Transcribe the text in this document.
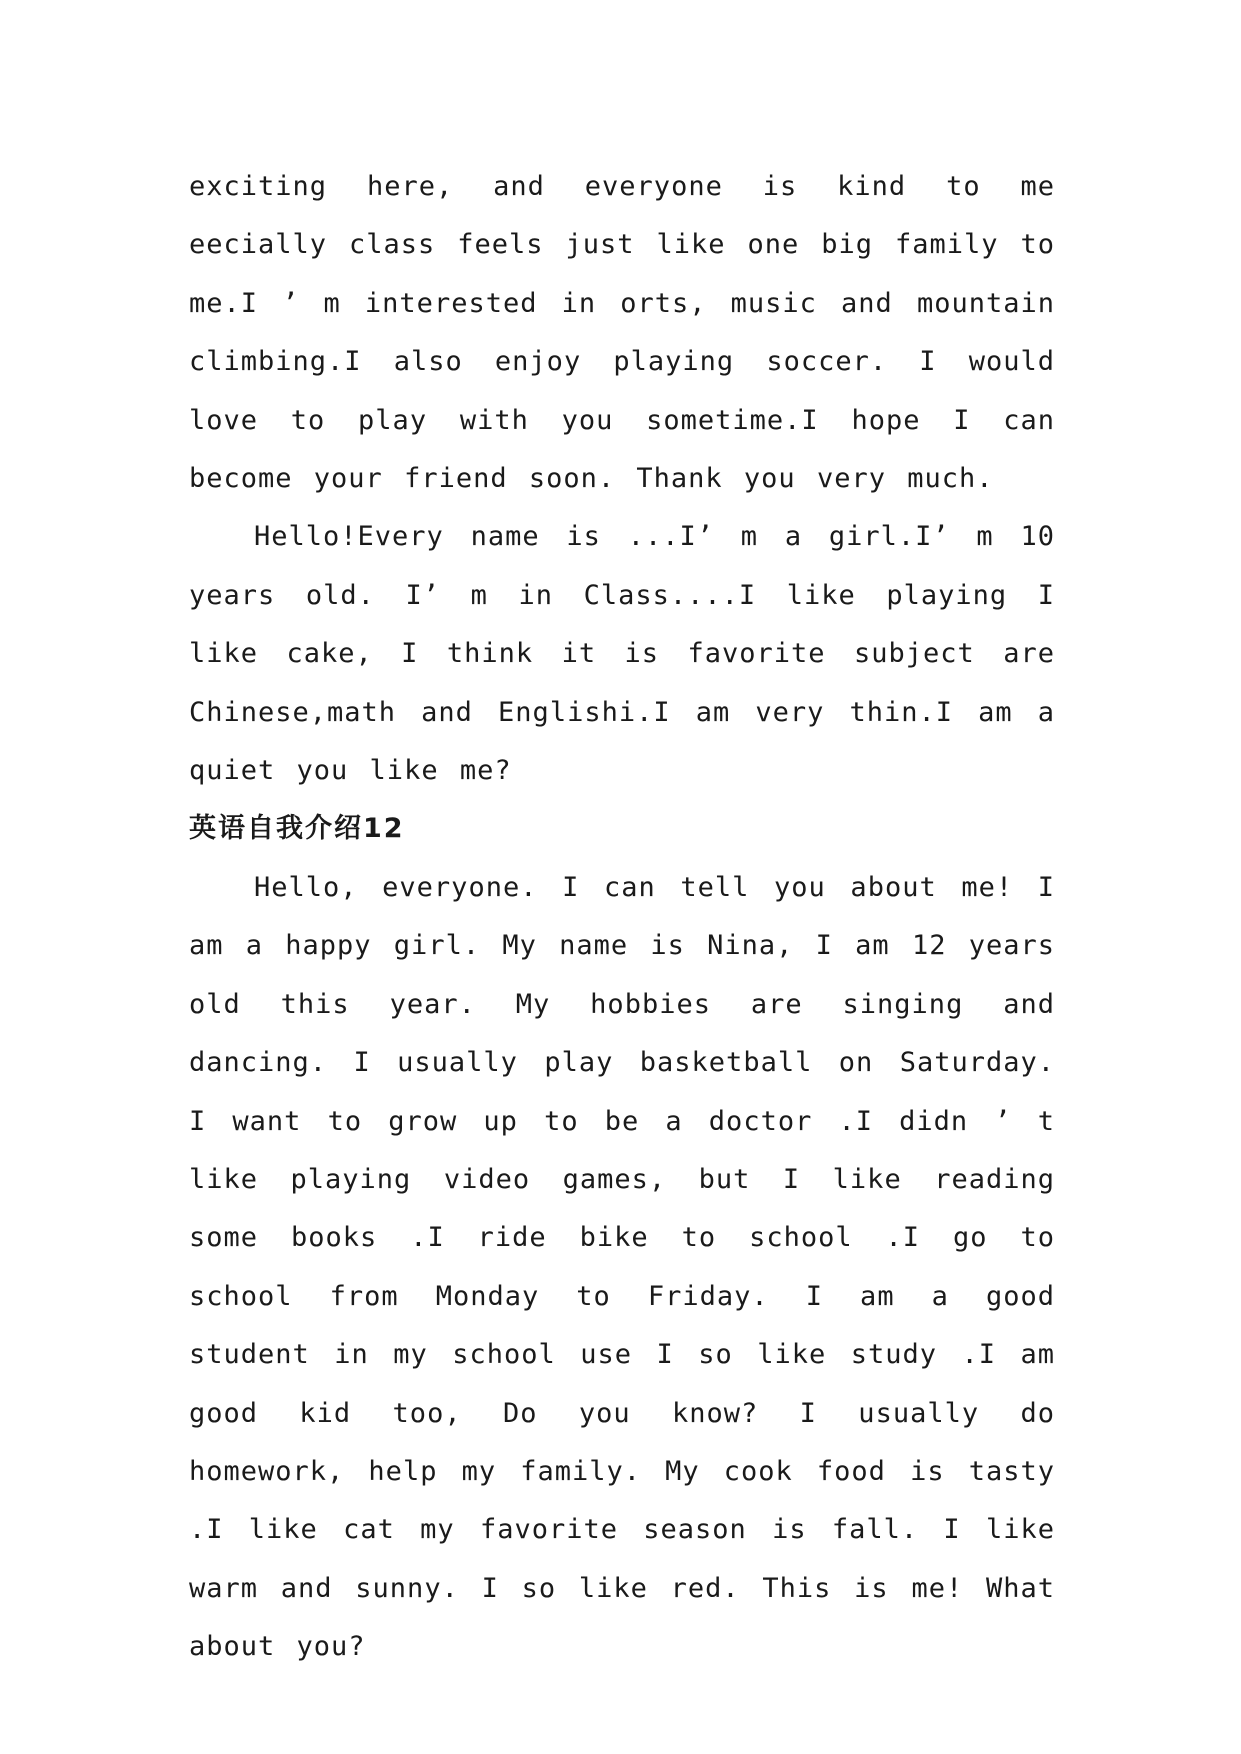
exciting here, and everyone is kind to me eecially class feels just like one big family to me.I ’ m interested in orts, music and mountain climbing.I also enjoy playing soccer. I would love to play with you sometime.I hope I can become your friend soon. Thank you very much.

Hello!Every name is ...I’ m a girl.I’ m 10 years old. I’ m in Class....I like playing I like cake, I think it is favorite subject are Chinese,math and Englishi.I am very thin.I am a quiet you like me?

英语自我介绍12

Hello, everyone. I can tell you about me! I am a happy girl. My name is Nina, I am 12 years old this year. My hobbies are singing and dancing. I usually play basketball on Saturday. I want to grow up to be a doctor .I didn ’ t like playing video games, but I like reading some books .I ride bike to school .I go to school from Monday to Friday. I am a good student in my school use I so like study .I am good kid too, Do you know? I usually do homework, help my family. My cook food is tasty .I like cat my favorite season is fall. I like warm and sunny. I so like red. This is me! What about you?
